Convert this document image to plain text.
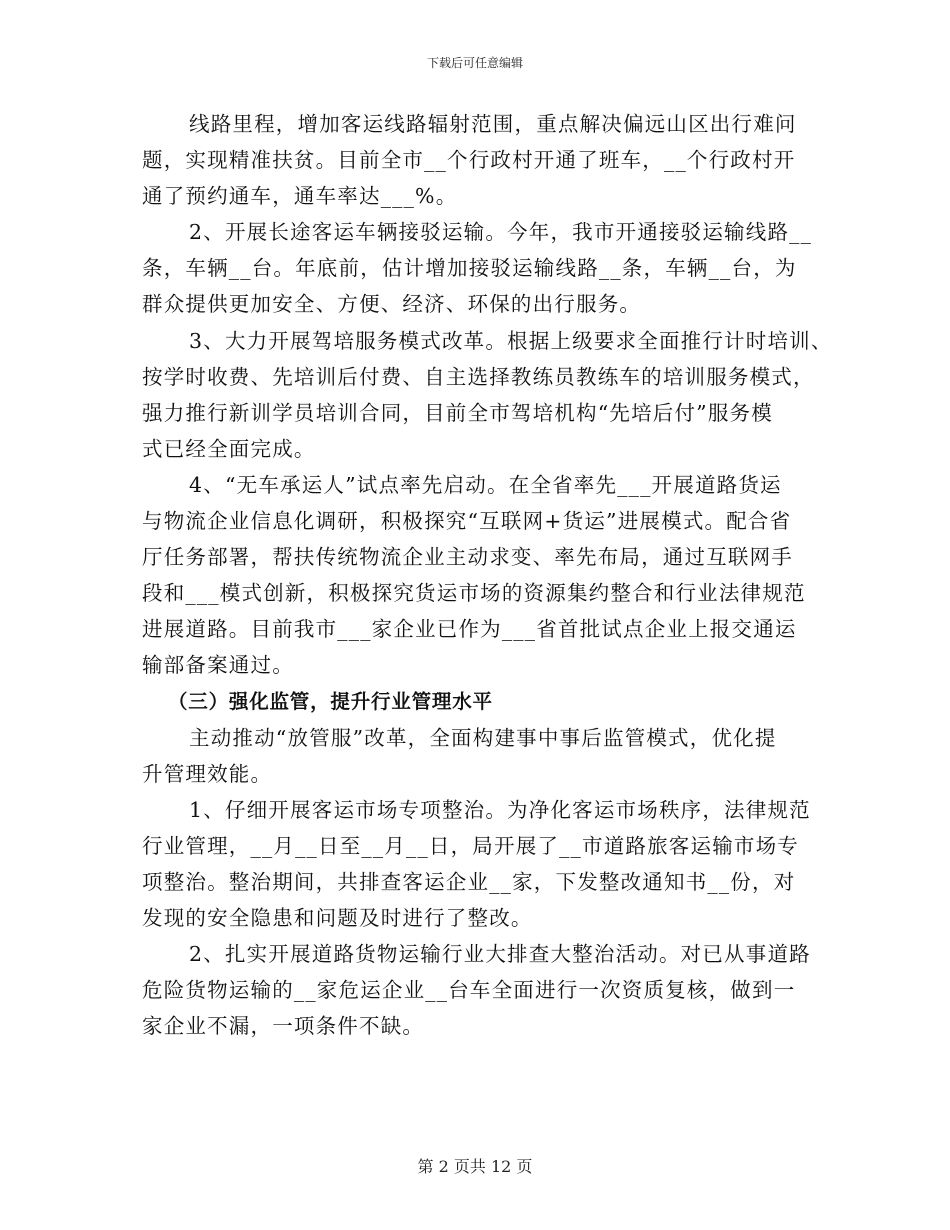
下载后可任意编辑
线路里程，增加客运线路辐射范围，重点解决偏远山区出行难问
题，实现精准扶贫。目前全市__个行政村开通了班车，__个行政村开
通了预约通车，通车率达___%。
2、开展长途客运车辆接驳运输。今年，我市开通接驳运输线路__
条，车辆__台。年底前，估计增加接驳运输线路__条，车辆__台，为
群众提供更加安全、方便、经济、环保的出行服务。
3、大力开展驾培服务模式改革。根据上级要求全面推行计时培训、
按学时收费、先培训后付费、自主选择教练员教练车的培训服务模式，
强力推行新训学员培训合同，目前全市驾培机构“先培后付”服务模
式已经全面完成。
4、“无车承运人”试点率先启动。在全省率先___开展道路货运
与物流企业信息化调研，积极探究“互联网+货运”进展模式。配合省
厅任务部署，帮扶传统物流企业主动求变、率先布局，通过互联网手
段和___模式创新，积极探究货运市场的资源集约整合和行业法律规范
进展道路。目前我市___家企业已作为___省首批试点企业上报交通运
输部备案通过。
（三）强化监管，提升行业管理水平
主动推动“放管服”改革，全面构建事中事后监管模式，优化提
升管理效能。
1、仔细开展客运市场专项整治。为净化客运市场秩序，法律规范
行业管理，__月__日至__月__日，局开展了__市道路旅客运输市场专
项整治。整治期间，共排查客运企业__家，下发整改通知书__份，对
发现的安全隐患和问题及时进行了整改。
2、扎实开展道路货物运输行业大排查大整治活动。对已从事道路
危险货物运输的__家危运企业__台车全面进行一次资质复核，做到一
家企业不漏，一项条件不缺。
第 2 页共 12 页
